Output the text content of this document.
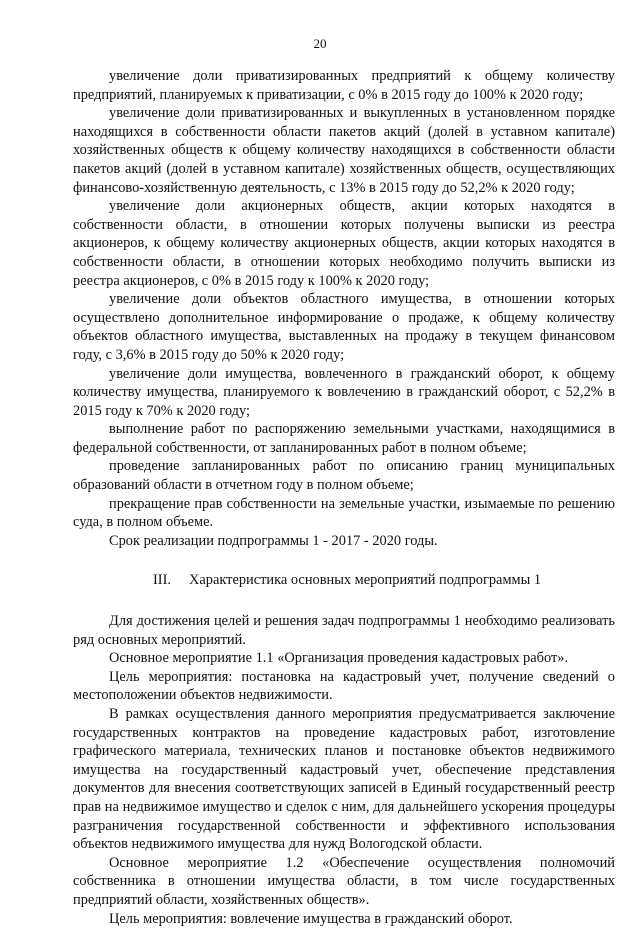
20

увеличение доли приватизированных предприятий к общему количеству предприятий, планируемых к приватизации, с 0% в 2015 году до 100% к 2020 году;

увеличение доли приватизированных и выкупленных в установленном порядке находящихся в собственности области пакетов акций (долей в уставном капитале) хозяйственных обществ к общему количеству находящихся в собственности области пакетов акций (долей в уставном капитале) хозяйственных обществ, осуществляющих финансово-хозяйственную деятельность, с 13% в 2015 году до 52,2% к 2020 году;

увеличение доли акционерных обществ, акции которых находятся в собственности области, в отношении которых получены выписки из реестра акционеров, к общему количеству акционерных обществ, акции которых находятся в собственности области, в отношении которых необходимо получить выписки из реестра акционеров, с 0% в 2015 году к 100% к 2020 году;

увеличение доли объектов областного имущества, в отношении которых осуществлено дополнительное информирование о продаже, к общему количеству объектов областного имущества, выставленных на продажу в текущем финансовом году, с 3,6% в 2015 году до 50% к 2020 году;

увеличение доли имущества, вовлеченного в гражданский оборот, к общему количеству имущества, планируемого к вовлечению в гражданский оборот, с 52,2% в 2015 году к 70% к 2020 году;

выполнение работ по распоряжению земельными участками, находящимися в федеральной собственности, от запланированных работ в полном объеме;

проведение запланированных работ по описанию границ муниципальных образований области в отчетном году в полном объеме;

прекращение прав собственности на земельные участки, изымаемые по решению суда, в полном объеме.

Срок реализации подпрограммы 1 - 2017 - 2020 годы.

III. Характеристика основных мероприятий подпрограммы 1

Для достижения целей и решения задач подпрограммы 1 необходимо реализовать ряд основных мероприятий.

Основное мероприятие 1.1 «Организация проведения кадастровых работ».

Цель мероприятия: постановка на кадастровый учет, получение сведений о местоположении объектов недвижимости.

В рамках осуществления данного мероприятия предусматривается заключение государственных контрактов на проведение кадастровых работ, изготовление графического материала, технических планов и постановке объектов недвижимого имущества на государственный кадастровый учет, обеспечение представления документов для внесения соответствующих записей в Единый государственный реестр прав на недвижимое имущество и сделок с ним, для дальнейшего ускорения процедуры разграничения государственной собственности и эффективного использования объектов недвижимого имущества для нужд Вологодской области.

Основное мероприятие 1.2 «Обеспечение осуществления полномочий собственника в отношении имущества области, в том числе государственных предприятий области, хозяйственных обществ».

Цель мероприятия: вовлечение имущества в гражданский оборот.
